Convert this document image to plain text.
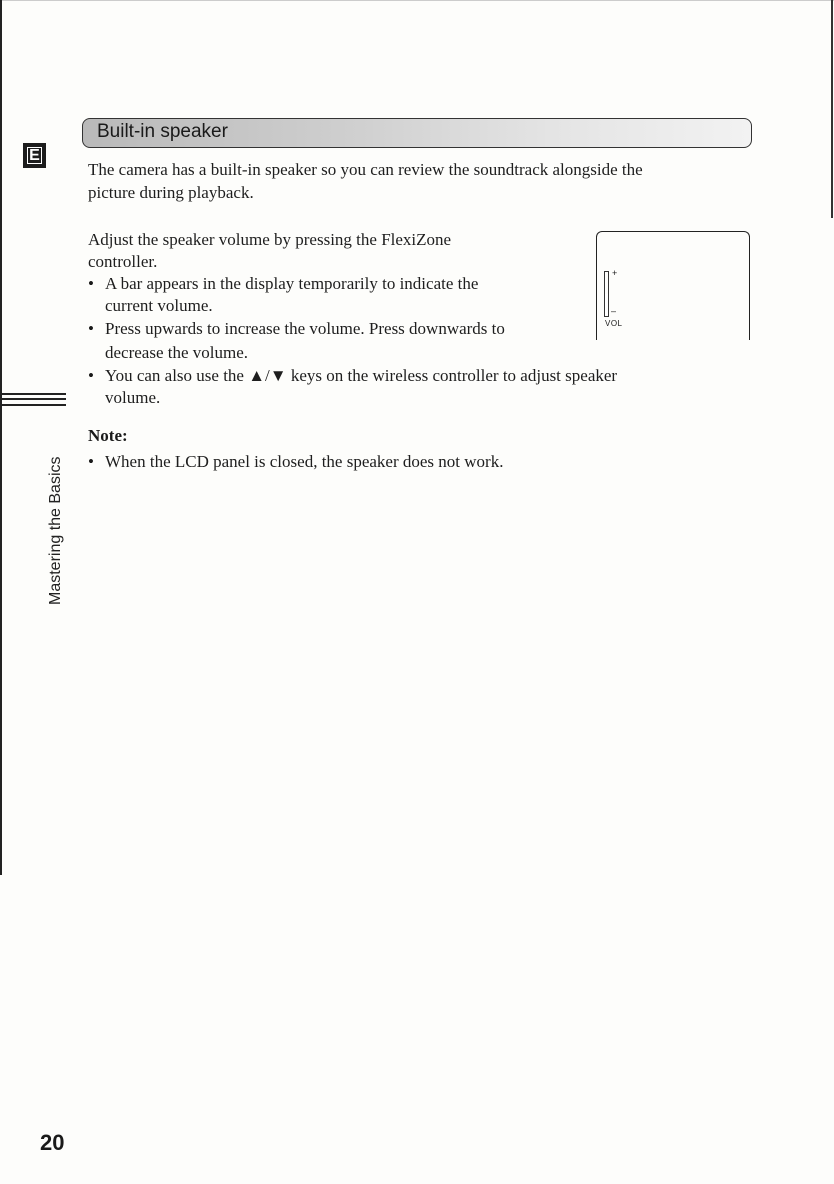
E
Mastering the Basics
Built-in speaker
The camera has a built-in speaker so you can review the soundtrack alongside the
picture during playback.
Adjust the speaker volume by pressing the FlexiZone
controller.
• A bar appears in the display temporarily to indicate the
current volume.
• Press upwards to increase the volume. Press downwards to
decrease the volume.
• You can also use the ▲/▼ keys on the wireless controller to adjust speaker
volume.
+
–
VOL
Note:
• When the LCD panel is closed, the speaker does not work.
20
